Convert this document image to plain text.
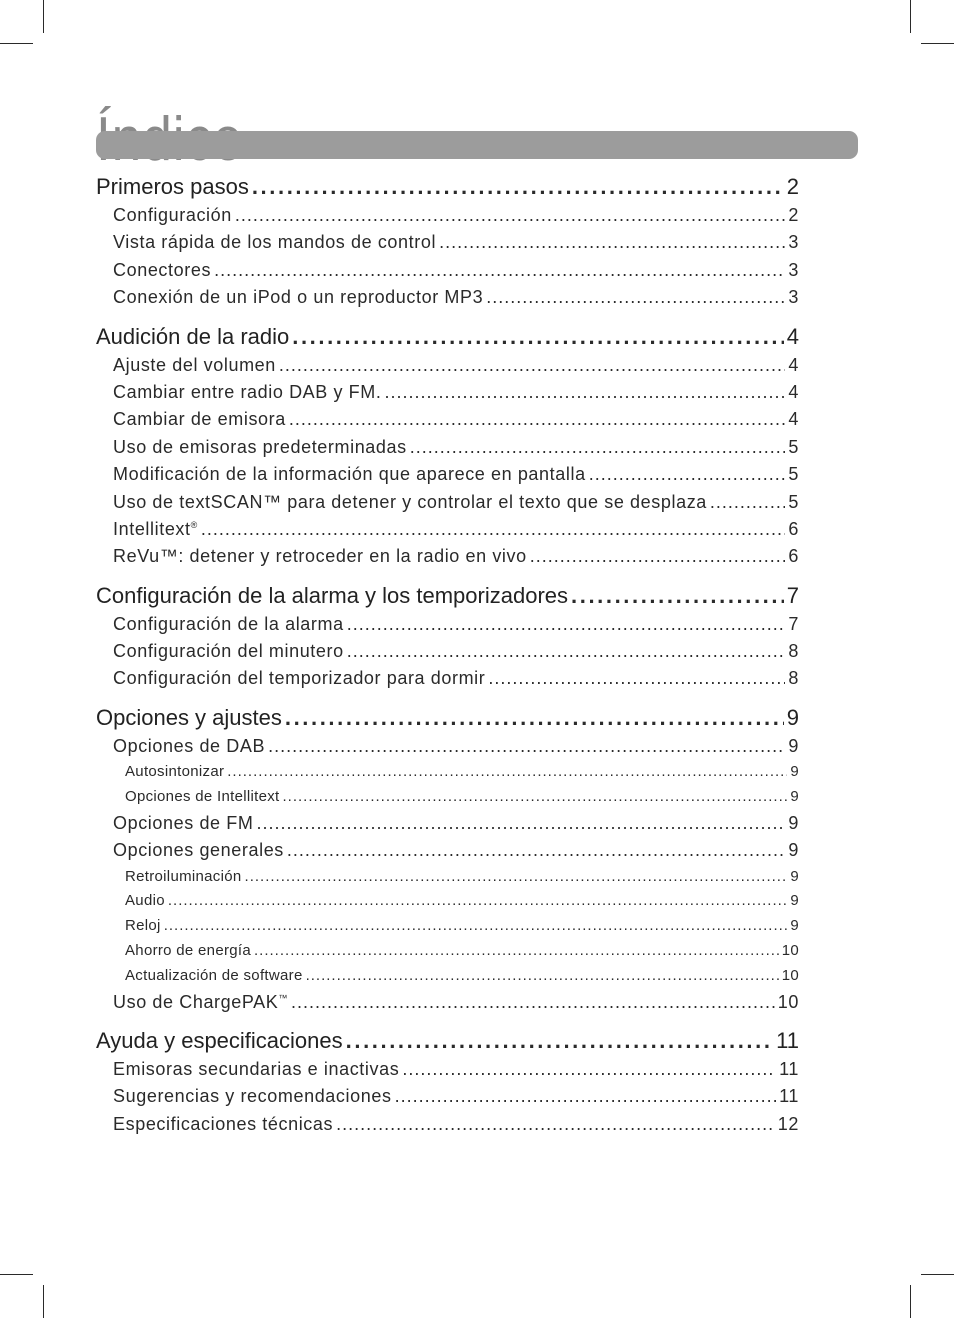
Primeros pasos .....	2
Configuración .....	2
Vista rápida de los mandos de control .....	3
Conectores .....	3
Conexión de un iPod o un reproductor MP3 .....	3
Audición de la radio .....	4
Ajuste del volumen .....	4
Cambiar entre radio DAB y FM. .....	4
Cambiar de emisora .....	4
Uso de emisoras predeterminadas .....	5
Modificación de la información que aparece en pantalla .....	5
Uso de textSCAN™ para detener y controlar el texto que se desplaza .....	5
Intellitext® .....	6
ReVu™: detener y retroceder en la radio en vivo .....	6
Configuración de la alarma y los temporizadores .....	7
Configuración de la alarma .....	7
Configuración del minutero .....	8
Configuración del temporizador para dormir .....	8
Opciones y ajustes .....	9
Opciones de DAB .....	9
Autosintonizar .....	9
Opciones de Intellitext .....	9
Opciones de FM .....	9
Opciones generales .....	9
Retroiluminación .....	9
Audio .....	9
Reloj .....	9
Ahorro de energía .....	10
Actualización de software .....	10
Uso de ChargePAK™ .....	10
Ayuda y especificaciones .....	11
Emisoras secundarias e inactivas .....	11
Sugerencias y recomendaciones .....	11
Especificaciones técnicas .....	12
